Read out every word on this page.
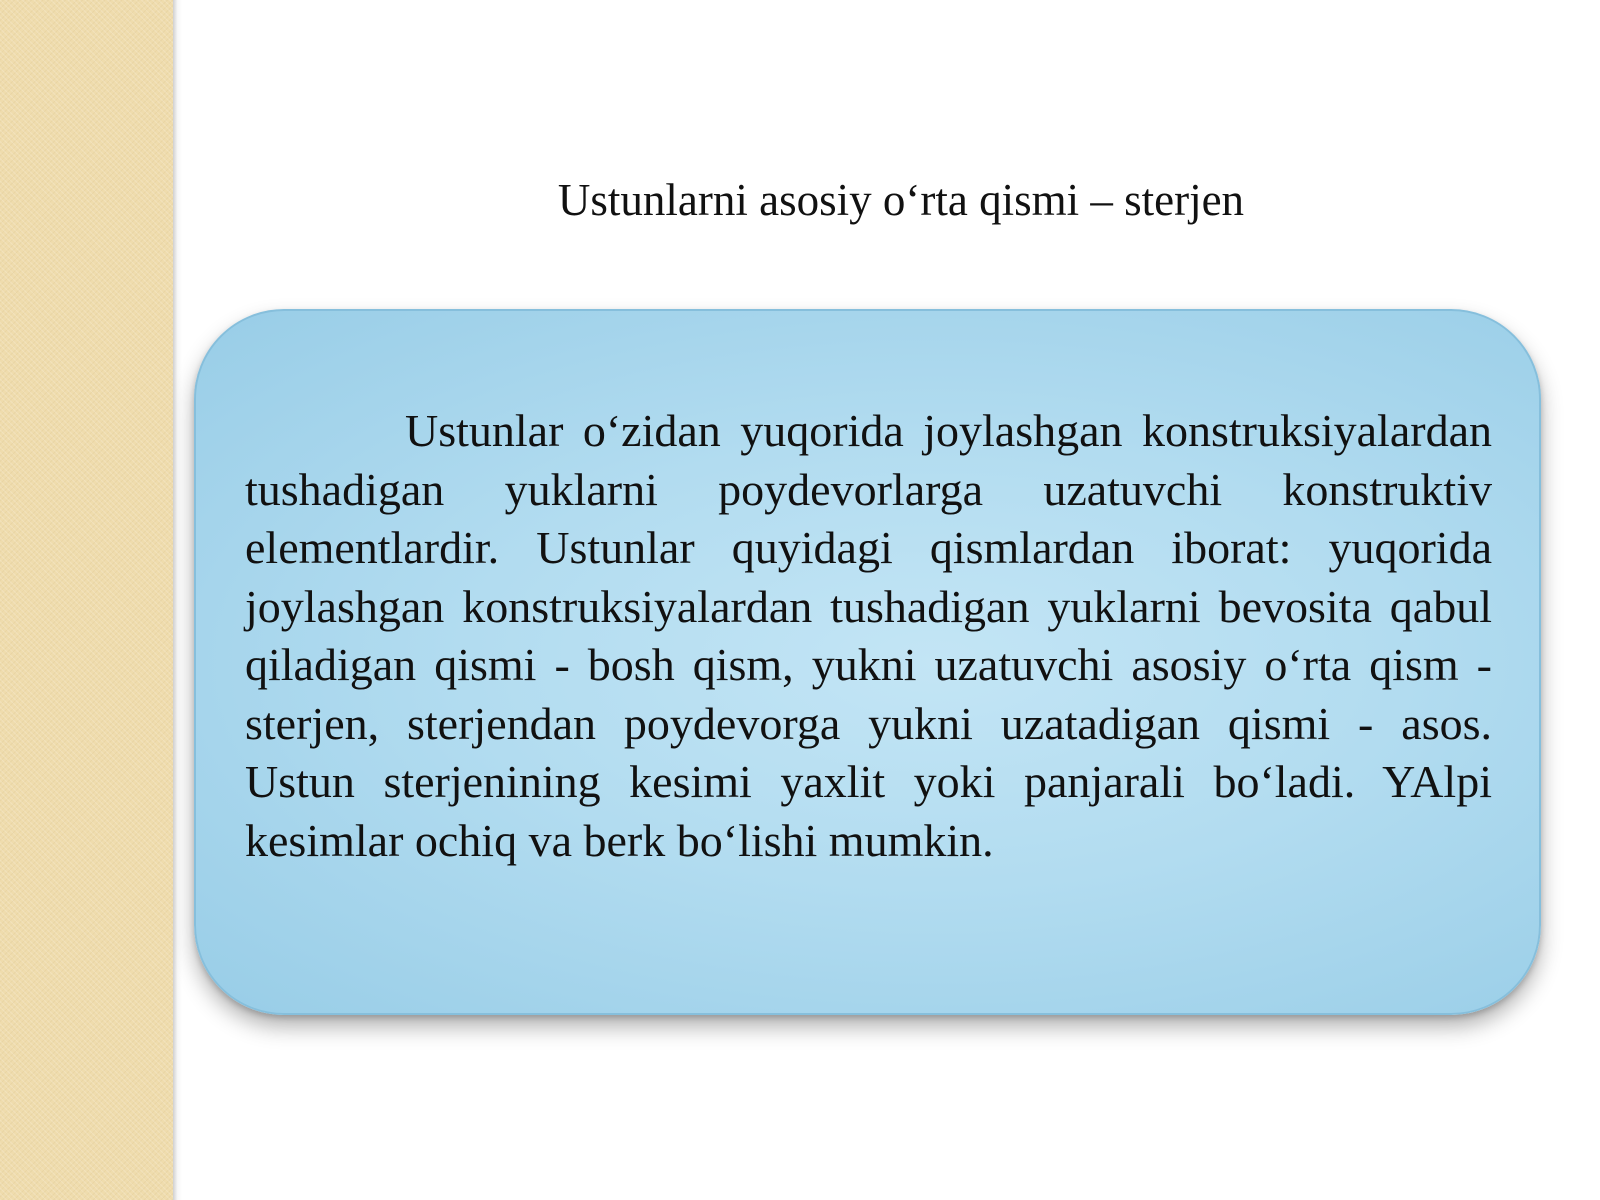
Ustunlarni asosiy o‘rta qismi – sterjen

Ustunlar o‘zidan yuqorida joylashgan konstruksiyalardan tushadigan yuklarni poydevorlarga uzatuvchi konstruktiv elementlardir. Ustunlar quyidagi qismlardan iborat: yuqorida joylashgan konstruksiyalardan tushadigan yuklarni bevosita qabul qiladigan qismi - bosh qism, yukni uzatuvchi asosiy o‘rta qism - sterjen, sterjendan poydevorga yukni uzatadigan qismi - asos. Ustun sterjenining kesimi yaxlit yoki panjarali bo‘ladi. YAlpi kesimlar ochiq va berk bo‘lishi mumkin.
